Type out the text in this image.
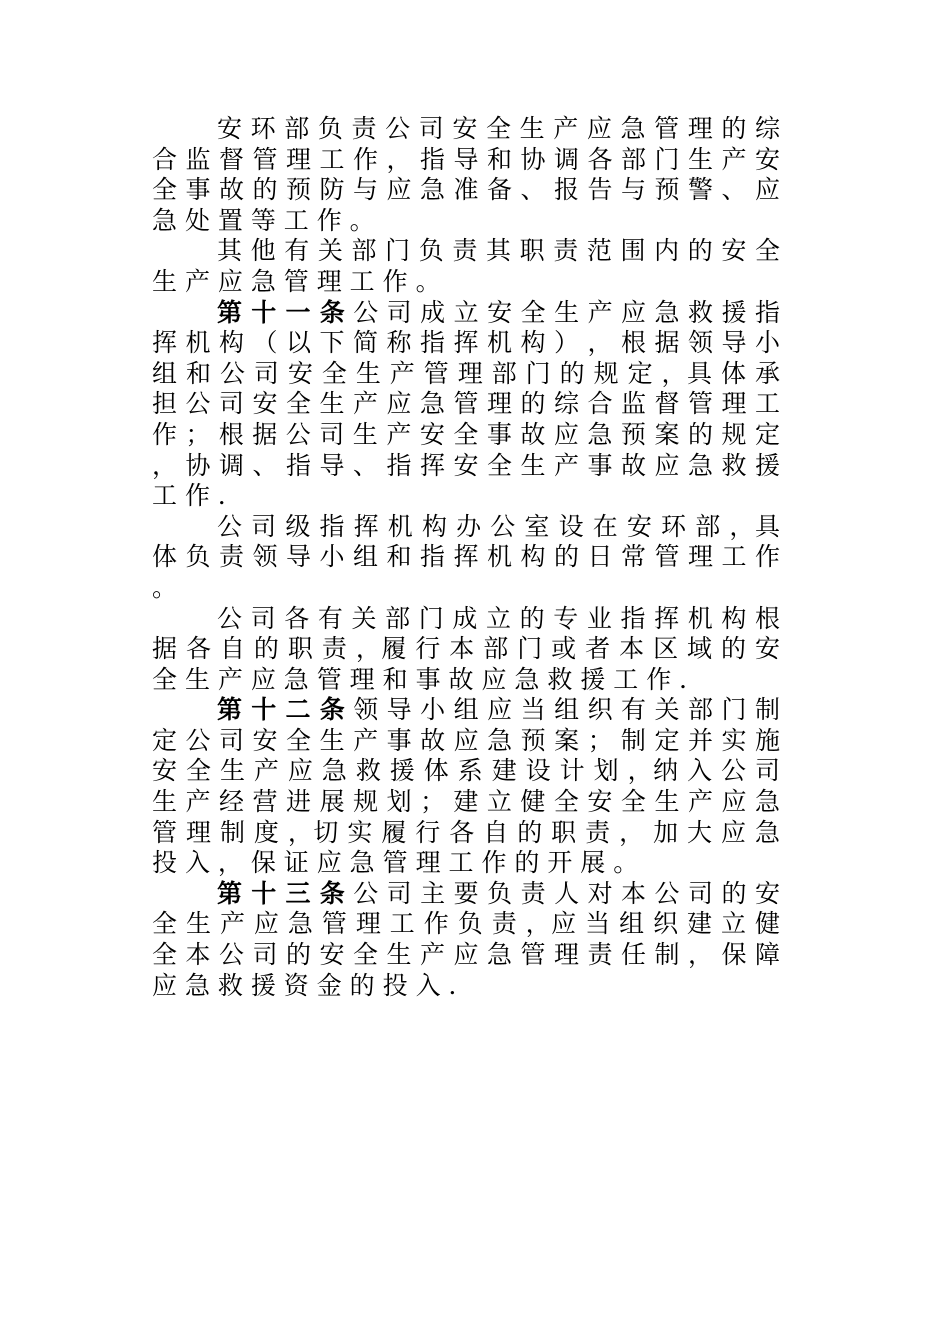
安 环 部 负 责 公 司 安 全 生 产 应 急 管 理 的 综 合 监 督 管 理 工 作 ， 指 导 和 协 调 各 部 门 生 产 安 全 事 故 的 预 防 与 应 急 准 备 、 报 告 与 预 警 、 应 急 处 置 等 工 作 。

其 他 有 关 部 门 负 责 其 职 责 范 围 内 的 安 全 生 产 应 急 管 理 工 作 。

第 十 一 条 公 司 成 立 安 全 生 产 应 急 救 援 指 挥 机 构 （ 以 下 简 称 指 挥 机 构 ） ， 根 据 领 导 小 组 和 公 司 安 全 生 产 管 理 部 门 的 规 定 ，具 体 承 担 公 司 安 全 生 产 应 急 管 理 的 综 合 监 督 管 理 工 作 ； 根 据 公 司 生 产 安 全 事 故 应 急 预 案 的 规 定 ， 协 调 、 指 导 、 指 挥 安 全 生 产 事 故 应 急 救 援 工 作 ．

公 司 级 指 挥 机 构 办 公 室 设 在 安 环 部 ，具 体 负 责 领 导 小 组 和 指 挥 机 构 的 日 常 管 理 工 作 。

公 司 各 有 关 部 门 成 立 的 专 业 指 挥 机 构 根 据 各 自 的 职 责 ，履 行 本 部 门 或 者 本 区 域 的 安 全 生 产 应 急 管 理 和 事 故 应 急 救 援 工 作 ．

第 十 二 条 领 导 小 组 应 当 组 织 有 关 部 门 制 定 公 司 安 全 生 产 事 故 应 急 预 案 ； 制 定 并 实 施 安 全 生 产 应 急 救 援 体 系 建 设 计 划 ，纳 入 公 司 生 产 经 营 进 展 规 划 ； 建 立 健 全 安 全 生 产 应 急 管 理 制 度 ，切 实 履 行 各 自 的 职 责 ， 加 大 应 急 投 入 ， 保 证 应 急 管 理 工 作 的 开 展 。

第 十 三 条 公 司 主 要 负 责 人 对 本 公 司 的 安 全 生 产 应 急 管 理 工 作 负 责 ，应 当 组 织 建 立 健 全 本 公 司 的 安 全 生 产 应 急 管 理 责 任 制 ， 保 障 应 急 救 援 资 金 的 投 入 ．
